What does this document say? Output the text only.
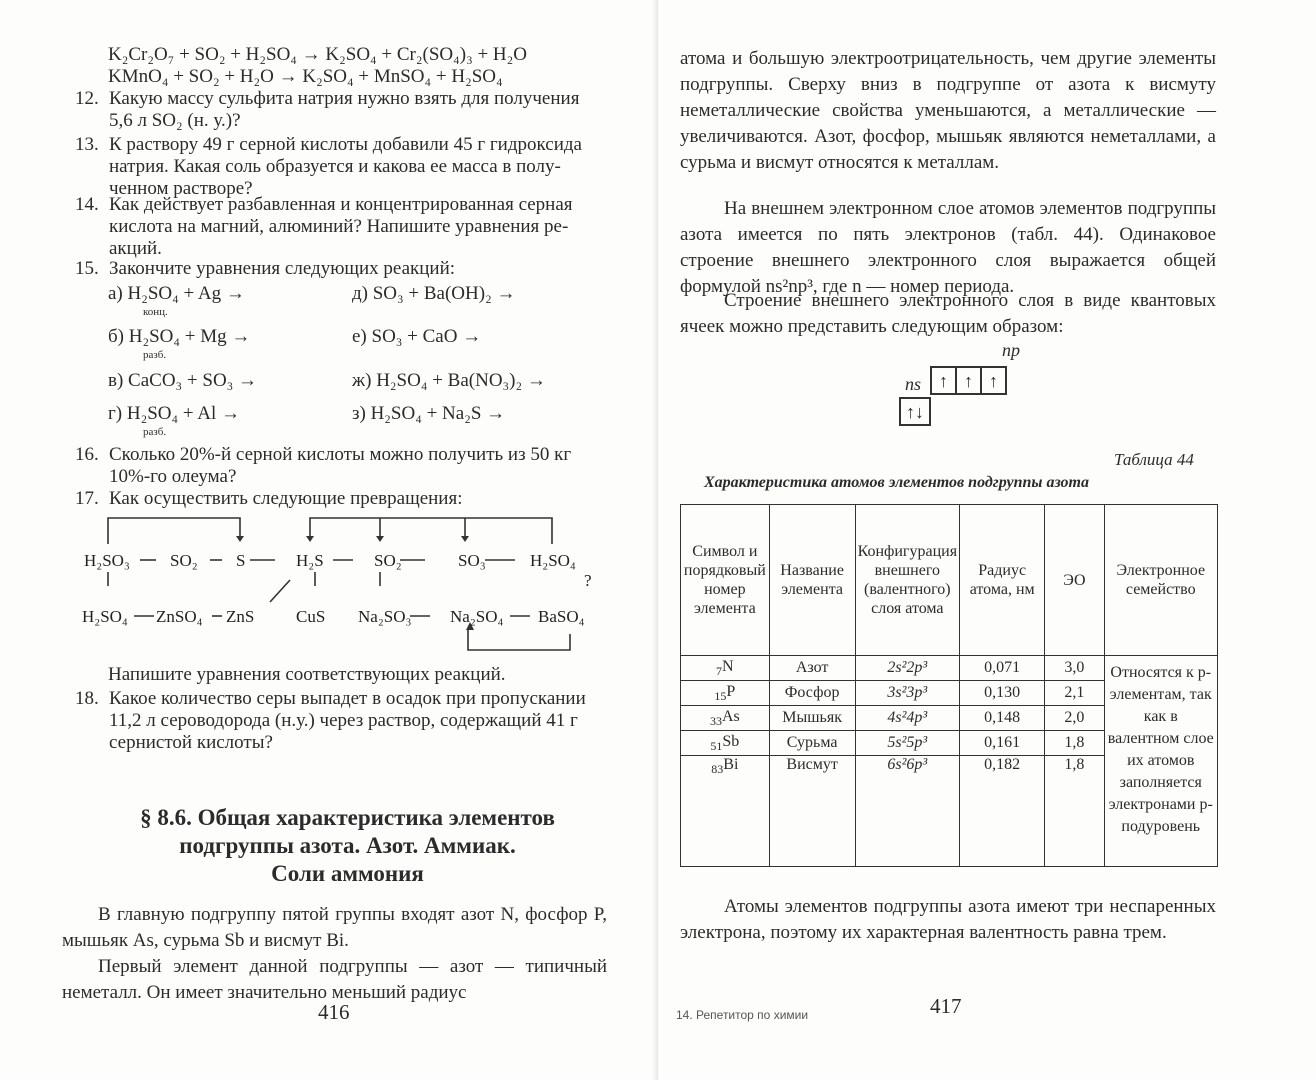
K₂Cr₂O₇ + SO₂ + H₂SO₄ → K₂SO₄ + Cr₂(SO₄)₃ + H₂O
KMnO₄ + SO₂ + H₂O → K₂SO₄ + MnSO₄ + H₂SO₄
12. Какую массу сульфита натрия нужно взять для получения
5,6 л SO₂ (н. у.)?
13. К раствору 49 г серной кислоты добавили 45 г гидроксида
натрия. Какая соль образуется и какова ее масса в полу-
ченном растворе?
14. Как действует разбавленная и концентрированная серная
кислота на магний, алюминий? Напишите уравнения ре-
акций.
15. Закончите уравнения следующих реакций:
а) H₂SO₄ + Ag →
конц.
д) SO₃ + Ba(OH)₂ →
б) H₂SO₄ + Mg →
разб.
е) SO₃ + CaO →
в) CaCO₃ + SO₃ →	ж) H₂SO₄ + Ba(NO₃)₂ →
г) H₂SO₄ + Al →
разб.
з) H₂SO₄ + Na₂S →
16. Сколько 20%-й серной кислоты можно получить из 50 кг
10%-го олеума?
17. Как осуществить следующие превращения:
H₂SO₃ SO₂ S	H₂S	SO₂	SO₃	H₂SO₄
H₂SO₄ ZnSO₄ ZnS CuS Na₂SO₃ Na₂SO₄ BaSO₄
?
Напишите уравнения соответствующих реакций.
18. Какое количество серы выпадет в осадок при пропускании
11,2 л сероводорода (н.у.) через раствор, содержащий 41 г
сернистой кислоты?
§ 8.6. Общая характеристика элементов
подгруппы азота. Азот. Аммиак.
Соли аммония
В главную подгруппу пятой группы входят азот N, фосфор P, мышьяк As, сурьма Sb и висмут Bi.
Первый элемент данной подгруппы — азот — типичный неметалл. Он имеет значительно меньший радиус
416
атома и большую электроотрицательность, чем другие элементы подгруппы. Сверху вниз в подгруппе от азота к висмуту неметаллические свойства уменьшаются, а металлические — увеличиваются. Азот, фосфор, мышьяк являются неметаллами, а сурьма и висмут относятся к металлам.
На внешнем электронном слое атомов элементов подгруппы азота имеется по пять электронов (табл. 44). Одинаковое строение внешнего электронного слоя выражается общей формулой ns²np³, где n — номер периода.
Строение внешнего электронного слоя в виде квантовых ячеек можно представить следующим образом:
np
ns ↑ ↑ ↑
↑↓
Таблица 44
Характеристика атомов элементов подгруппы азота
Символ и порядковый номер элемента	Название элемента	Конфигурация внешнего (валентного) слоя атома	Радиус атома, нм	ЭО	Электронное семейство
$_7$N	Азот	2s²2p³	0,071	3,0	Относятся к p-элементам, так как в валентном слое их атомов заполняется электронами p-подуровень
$_{15}$P	Фосфор	3s²3p³	0,130	2,1	
$_{33}$As	Мышьяк	4s²4p³	0,148	2,0	
$_{51}$Sb	Сурьма	5s²5p³	0,161	1,8	
$_{83}$Bi	Висмут	6s²6p³	0,182	1,8	
Атомы элементов подгруппы азота имеют три неспаренных электрона, поэтому их характерная валентность равна трем.
417
14. Репетитор по химии
